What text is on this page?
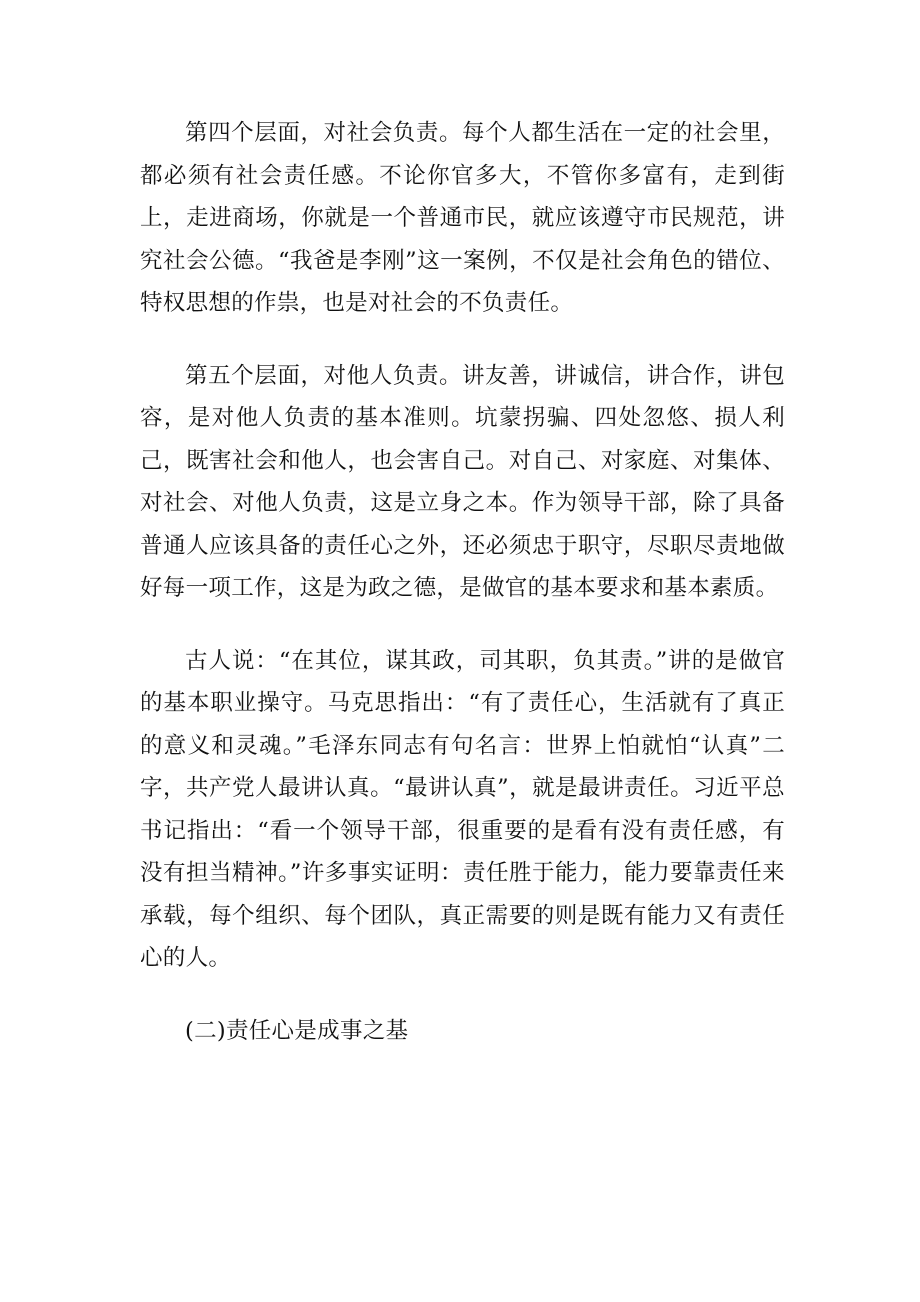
第四个层面，对社会负责。每个人都生活在一定的社会里，都必须有社会责任感。不论你官多大，不管你多富有，走到街上，走进商场，你就是一个普通市民，就应该遵守市民规范，讲究社会公德。“我爸是李刚”这一案例，不仅是社会角色的错位、特权思想的作祟，也是对社会的不负责任。

第五个层面，对他人负责。讲友善，讲诚信，讲合作，讲包容，是对他人负责的基本准则。坑蒙拐骗、四处忽悠、损人利己，既害社会和他人，也会害自己。对自己、对家庭、对集体、对社会、对他人负责，这是立身之本。作为领导干部，除了具备普通人应该具备的责任心之外，还必须忠于职守，尽职尽责地做好每一项工作，这是为政之德，是做官的基本要求和基本素质。

古人说：“在其位，谋其政，司其职，负其责。”讲的是做官的基本职业操守。马克思指出：“有了责任心，生活就有了真正的意义和灵魂。”毛泽东同志有句名言：世界上怕就怕“认真”二字，共产党人最讲认真。“最讲认真”，就是最讲责任。习近平总书记指出：“看一个领导干部，很重要的是看有没有责任感，有没有担当精神。”许多事实证明：责任胜于能力，能力要靠责任来承载，每个组织、每个团队，真正需要的则是既有能力又有责任心的人。

(二)责任心是成事之基
